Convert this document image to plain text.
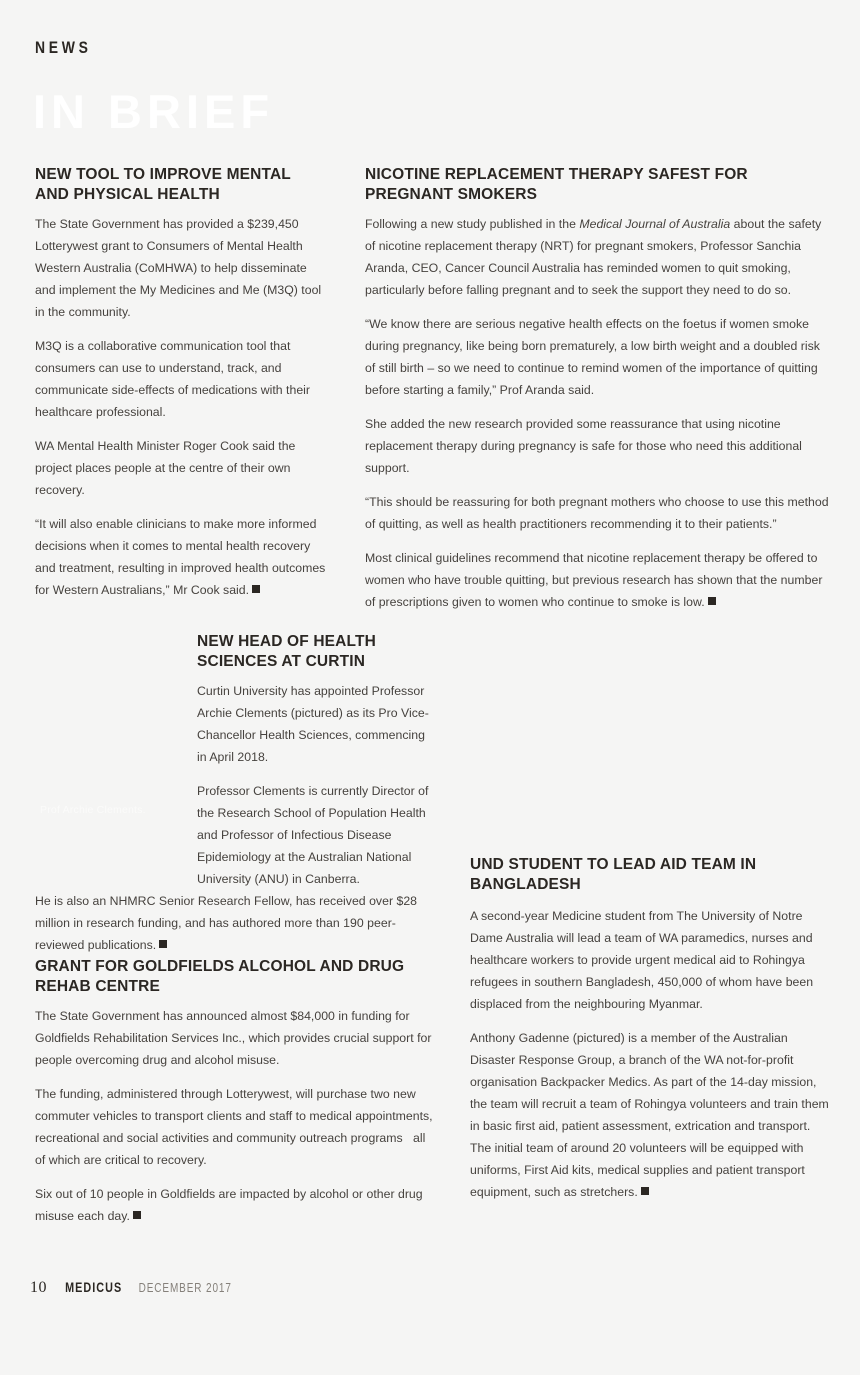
NEWS
IN BRIEF
NEW TOOL TO IMPROVE MENTAL AND PHYSICAL HEALTH

The State Government has provided a $239,450 Lotterywest grant to Consumers of Mental Health Western Australia (CoMHWA) to help disseminate and implement the My Medicines and Me (M3Q) tool in the community.

M3Q is a collaborative communication tool that consumers can use to understand, track, and communicate side-effects of medications with their healthcare professional.

WA Mental Health Minister Roger Cook said the project places people at the centre of their own recovery.

“It will also enable clinicians to make more informed decisions when it comes to mental health recovery and treatment, resulting in improved health outcomes for Western Australians,” Mr Cook said.

NICOTINE REPLACEMENT THERAPY SAFEST FOR PREGNANT SMOKERS

Following a new study published in the Medical Journal of Australia about the safety of nicotine replacement therapy (NRT) for pregnant smokers, Professor Sanchia Aranda, CEO, Cancer Council Australia has reminded women to quit smoking, particularly before falling pregnant and to seek the support they need to do so.

“We know there are serious negative health effects on the foetus if women smoke during pregnancy, like being born prematurely, a low birth weight and a doubled risk of still birth – so we need to continue to remind women of the importance of quitting before starting a family,” Prof Aranda said.

She added the new research provided some reassurance that using nicotine replacement therapy during pregnancy is safe for those who need this additional support.

“This should be reassuring for both pregnant mothers who choose to use this method of quitting, as well as health practitioners recommending it to their patients.”

Most clinical guidelines recommend that nicotine replacement therapy be offered to women who have trouble quitting, but previous research has shown that the number of prescriptions given to women who continue to smoke is low.

Prof Archie Clements.
NEW HEAD OF HEALTH SCIENCES AT CURTIN

Curtin University has appointed Professor Archie Clements (pictured) as its Pro Vice-Chancellor Health Sciences, commencing in April 2018.

Professor Clements is currently Director of the Research School of Population Health and Professor of Infectious Disease Epidemiology at the Australian National University (ANU) in Canberra.

He is also an NHMRC Senior Research Fellow, has received over $28 million in research funding, and has authored more than 190 peer-reviewed publications.

GRANT FOR GOLDFIELDS ALCOHOL AND DRUG REHAB CENTRE

The State Government has announced almost $84,000 in funding for Goldfields Rehabilitation Services Inc., which provides crucial support for people overcoming drug and alcohol misuse.

The funding, administered through Lotterywest, will purchase two new commuter vehicles to transport clients and staff to medical appointments, recreational and social activities and community outreach programs   all of which are critical to recovery.

Six out of 10 people in Goldfields are impacted by alcohol or other drug misuse each day.

UND STUDENT TO LEAD AID TEAM IN BANGLADESH

A second-year Medicine student from The University of Notre Dame Australia will lead a team of WA paramedics, nurses and healthcare workers to provide urgent medical aid to Rohingya refugees in southern Bangladesh, 450,000 of whom have been displaced from the neighbouring Myanmar.

Anthony Gadenne (pictured) is a member of the Australian Disaster Response Group, a branch of the WA not-for-profit organisation Backpacker Medics. As part of the 14-day mission, the team will recruit a team of Rohingya volunteers and train them in basic first aid, patient assessment, extrication and transport. The initial team of around 20 volunteers will be equipped with uniforms, First Aid kits, medical supplies and patient transport equipment, such as stretchers.

10 MEDICUS DECEMBER 2017
